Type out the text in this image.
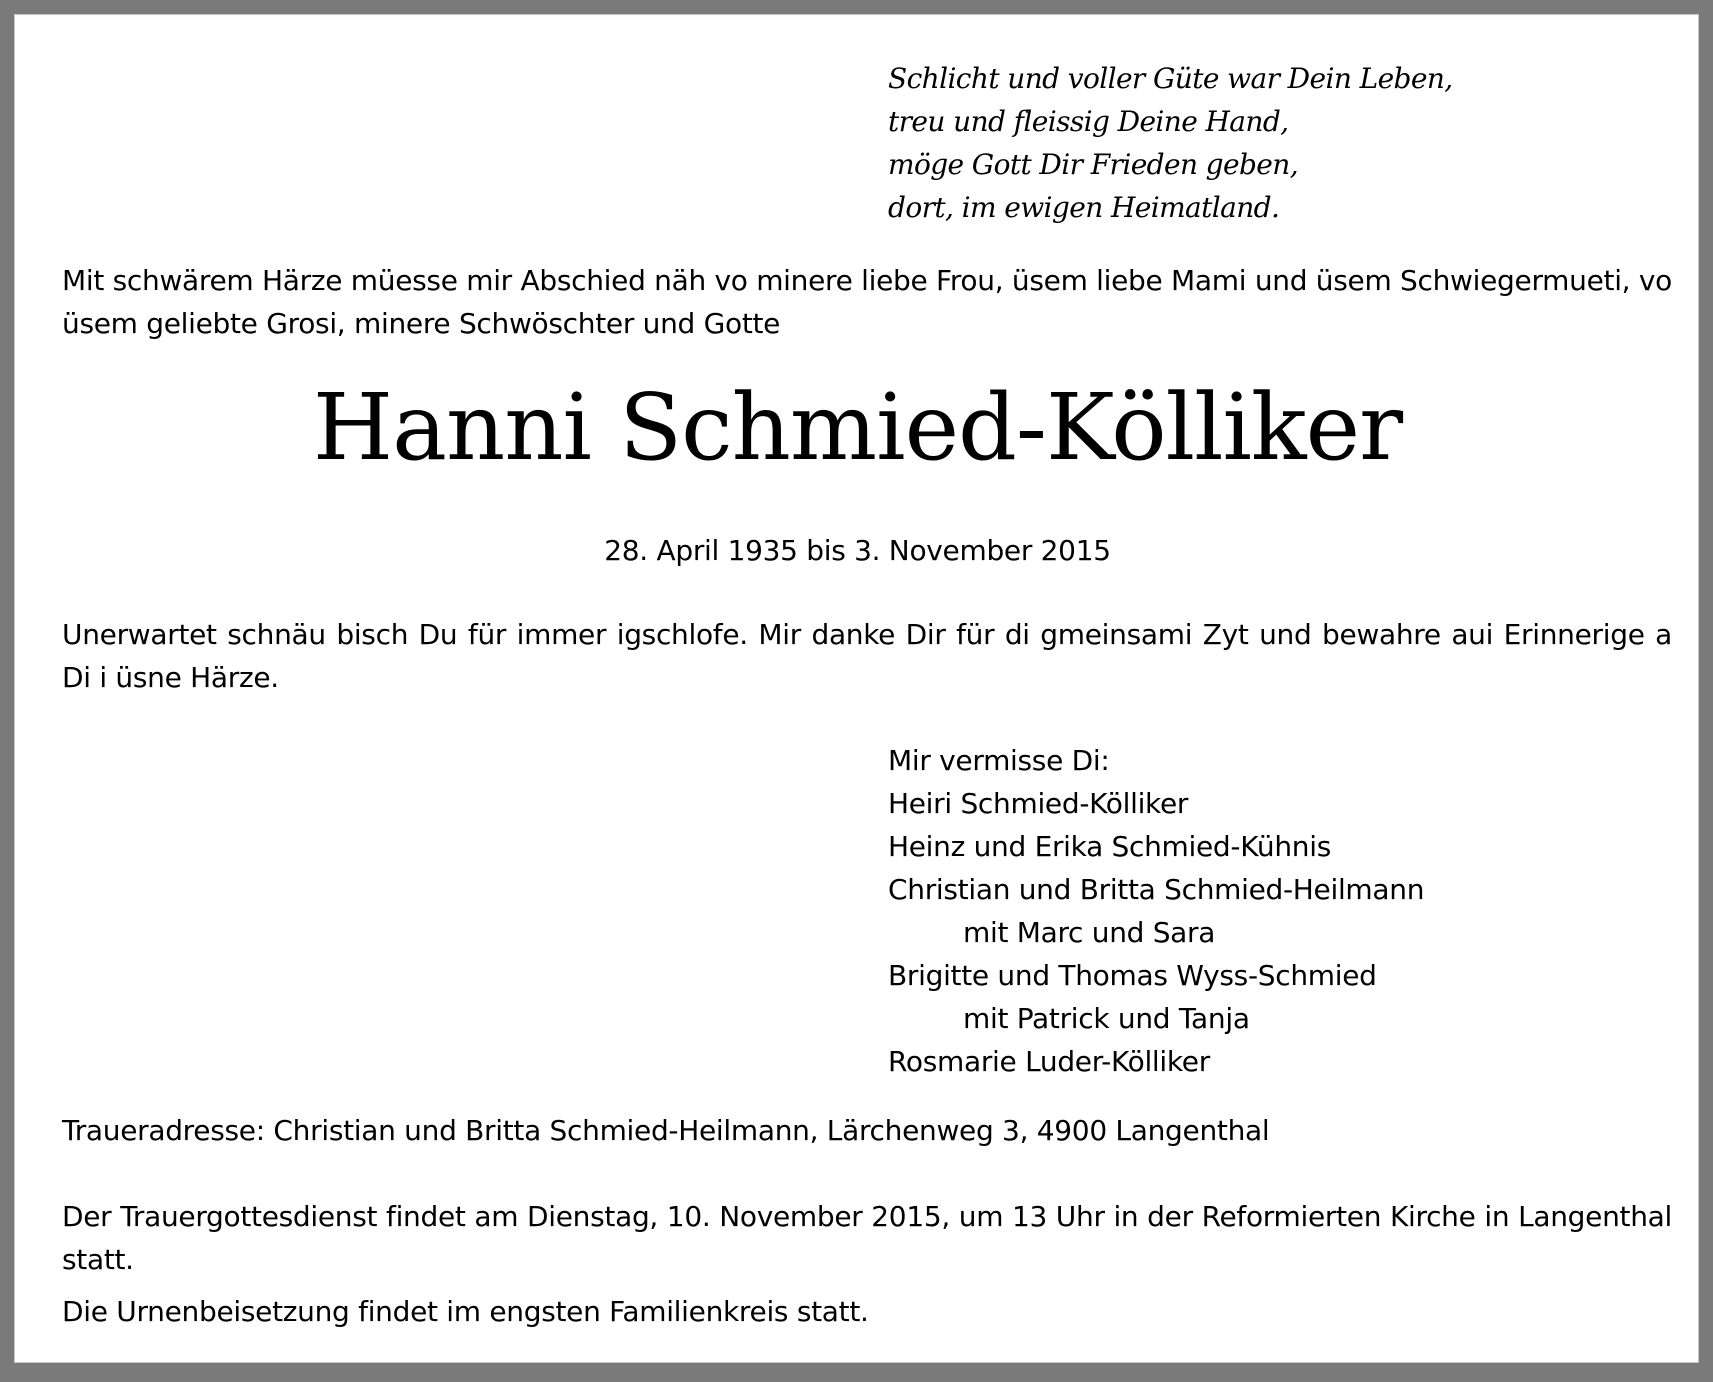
Schlicht und voller Güte war Dein Leben,
treu und fleissig Deine Hand,
möge Gott Dir Frieden geben,
dort, im ewigen Heimatland.
Mit schwärem Härze müesse mir Abschied näh vo minere liebe Frou, üsem liebe Mami und üsem Schwiegermueti, vo üsem geliebte Grosi, minere Schwöschter und Gotte
Hanni Schmied-Kölliker
28. April 1935 bis 3. November 2015
Unerwartet schnäu bisch Du für immer igschlofe. Mir danke Dir für di gmeinsami Zyt und bewahre aui Erinnerige a Di i üsne Härze.
Mir vermisse Di:
Heiri Schmied-Kölliker
Heinz und Erika Schmied-Kühnis
Christian und Britta Schmied-Heilmann
mit Marc und Sara
Brigitte und Thomas Wyss-Schmied
mit Patrick und Tanja
Rosmarie Luder-Kölliker
Traueradresse: Christian und Britta Schmied-Heilmann, Lärchenweg 3, 4900 Langenthal
Der Trauergottesdienst findet am Dienstag, 10. November 2015, um 13 Uhr in der Reformierten Kirche in Langenthal statt.
Die Urnenbeisetzung findet im engsten Familienkreis statt.
